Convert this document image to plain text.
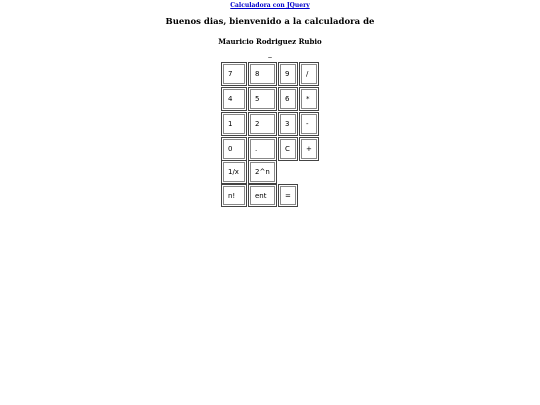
Calculadora con JQuery
Buenos dias, bienvenido a la calculadora de
Mauricio Rodriguez Rubio
_
7	8	9	/
4	5	6	*
1	2	3	-
0	.	C	+
1/x	2^n
n!	ent	=
